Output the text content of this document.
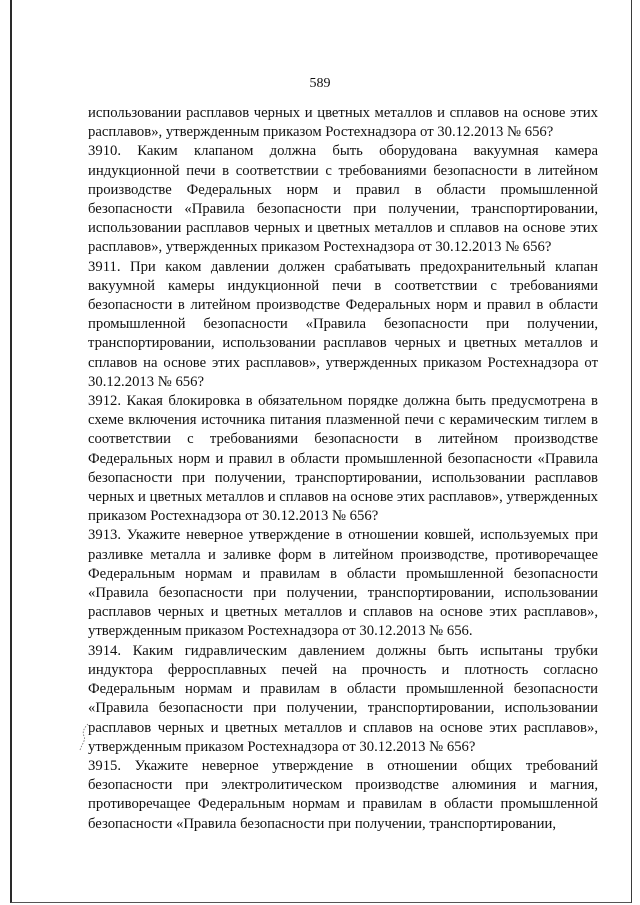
589

использовании расплавов черных и цветных металлов и сплавов на основе этих расплавов», утвержденным приказом Ростехнадзора от 30.12.2013 № 656?

3910. Каким клапаном должна быть оборудована вакуумная камера индукционной печи в соответствии с требованиями безопасности в литейном производстве Федеральных норм и правил в области промышленной безопасности «Правила безопасности при получении, транспортировании, использовании расплавов черных и цветных металлов и сплавов на основе этих расплавов», утвержденных приказом Ростехнадзора от 30.12.2013 № 656?

3911. При каком давлении должен срабатывать предохранительный клапан вакуумной камеры индукционной печи в соответствии с требованиями безопасности в литейном производстве Федеральных норм и правил в области промышленной безопасности «Правила безопасности при получении, транспортировании, использовании расплавов черных и цветных металлов и сплавов на основе этих расплавов», утвержденных приказом Ростехнадзора от 30.12.2013 № 656?

3912. Какая блокировка в обязательном порядке должна быть предусмотрена в схеме включения источника питания плазменной печи с керамическим тиглем в соответствии с требованиями безопасности в литейном производстве Федеральных норм и правил в области промышленной безопасности «Правила безопасности при получении, транспортировании, использовании расплавов черных и цветных металлов и сплавов на основе этих расплавов», утвержденных приказом Ростехнадзора от 30.12.2013 № 656?

3913. Укажите неверное утверждение в отношении ковшей, используемых при разливке металла и заливке форм в литейном производстве, противоречащее Федеральным нормам и правилам в области промышленной безопасности «Правила безопасности при получении, транспортировании, использовании расплавов черных и цветных металлов и сплавов на основе этих расплавов», утвержденным приказом Ростехнадзора от 30.12.2013 № 656.

3914. Каким гидравлическим давлением должны быть испытаны трубки индуктора ферросплавных печей на прочность и плотность согласно Федеральным нормам и правилам в области промышленной безопасности «Правила безопасности при получении, транспортировании, использовании расплавов черных и цветных металлов и сплавов на основе этих расплавов», утвержденным приказом Ростехнадзора от 30.12.2013 № 656?

3915. Укажите неверное утверждение в отношении общих требований безопасности при электролитическом производстве алюминия и магния, противоречащее Федеральным нормам и правилам в области промышленной безопасности «Правила безопасности при получении, транспортировании,
